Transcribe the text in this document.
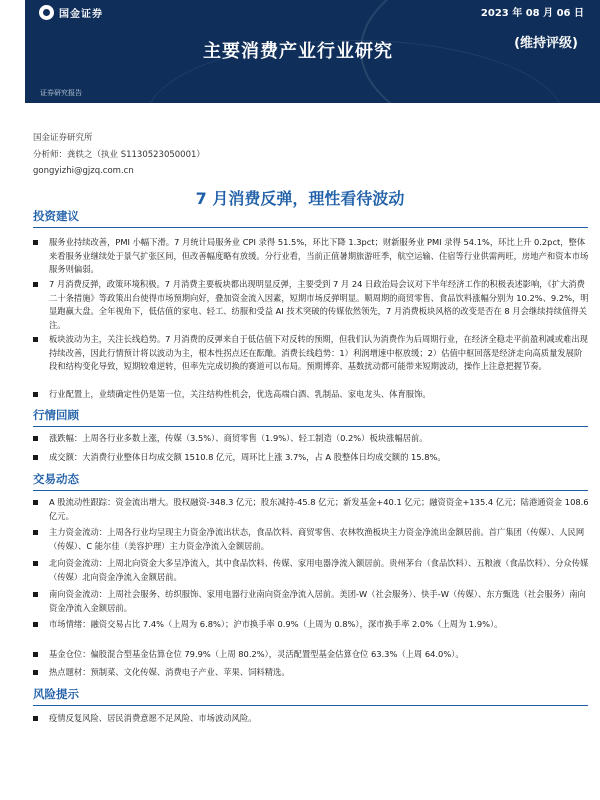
国金证券	2023 年 08 月 06 日
主要消费产业行业研究	(维持评级)
证券研究报告
国金证券研究所
分析师：龚轶之（执业 S1130523050001）
gongyizhi@gjzq.com.cn
7 月消费反弹，理性看待波动
投资建议
服务业持续改善，PMI 小幅下滑。7 月统计局服务业 CPI 录得 51.5%，环比下降 1.3pct；财新服务业 PMI 录得 54.1%，环比上升 0.2pct，整体来看服务业继续处于景气扩张区间，但改善幅度略有放缓。分行业看，当前正值暑期旅游旺季，航空运输、住宿等行业供需两旺，房地产和资本市场服务则偏弱。
7 月消费反弹，政策环境积极。7 月消费主要板块都出现明显反弹，主要受到 7 月 24 日政治局会议对下半年经济工作的积极表述影响，《扩大消费二十条措施》等政策出台使得市场预期向好，叠加资金流入因素，短期市场反弹明显。顺周期的商贸零售、食品饮料涨幅分别为 10.2%、9.2%，明显跑赢大盘。全年视角下，低估值的家电、轻工、纺服和受益 AI 技术突破的传媒依然领先，7 月消费板块风格的改变是否在 8 月会继续持续值得关注。
板块波动为主，关注长线趋势。7 月消费的反弹来自于低估值下对反转的预期，但我们认为消费作为后周期行业，在经济全稳走平前盈利减或难出现持续改善，因此行情预计将以波动为主，根本性拐点还在酝酿。消费长线趋势：1）利润增速中枢放缓；2）估值中枢回落是经济走向高质量发展阶段和结构变化导致，短期较难逆转，但率先完成切换的赛道可以布局。预期博弈、基数扰动都可能带来短期波动，操作上注意把握节奏。
行业配置上，业绩确定性仍是第一位，关注结构性机会，优选高端白酒、乳制品、家电龙头、体育服饰。
行情回顾
涨跌幅：上周各行业多数上涨，传媒（3.5%）、商贸零售（1.9%）、轻工制造（0.2%）板块涨幅居前。
成交额：大消费行业整体日均成交额 1510.8 亿元，周环比上涨 3.7%，占 A 股整体日均成交额的 15.8%。
交易动态
A 股流动性跟踪：资金流出增大。股权融资-348.3 亿元；股东减持-45.8 亿元；新发基金+40.1 亿元；融资资金+135.4 亿元；陆港通资金 108.6 亿元。
主力资金流动：上周各行业均呈现主力资金净流出状态，食品饮料、商贸零售、农林牧渔板块主力资金净流出金额居前。首广集团（传媒）、人民网（传媒）、C 能尔佳（美容护理）主力资金净流入金额居前。
北向资金流动：上周北向资金大多呈净流入，其中食品饮料、传媒、家用电器净流入额居前。贵州茅台（食品饮料）、五粮液（食品饮料）、分众传媒（传媒）北向资金净流入金额居前。
南向资金流动：上周社会服务、纺织服饰、家用电器行业南向资金净流入居前。美团-W（社会服务）、快手-W（传媒）、东方甄选（社会服务）南向资金净流入金额居前。
市场情绪：融资交易占比 7.4%（上周为 6.8%）；沪市换手率 0.9%（上周为 0.8%），深市换手率 2.0%（上周为 1.9%）。
基金仓位：偏股混合型基金估算仓位 79.9%（上周 80.2%），灵活配置型基金估算仓位 63.3%（上周 64.0%）。
热点题材：预制菜、文化传媒、消费电子产业、苹果、饲料精选。
风险提示
疫情反复风险、居民消费意愿不足风险、市场波动风险。
